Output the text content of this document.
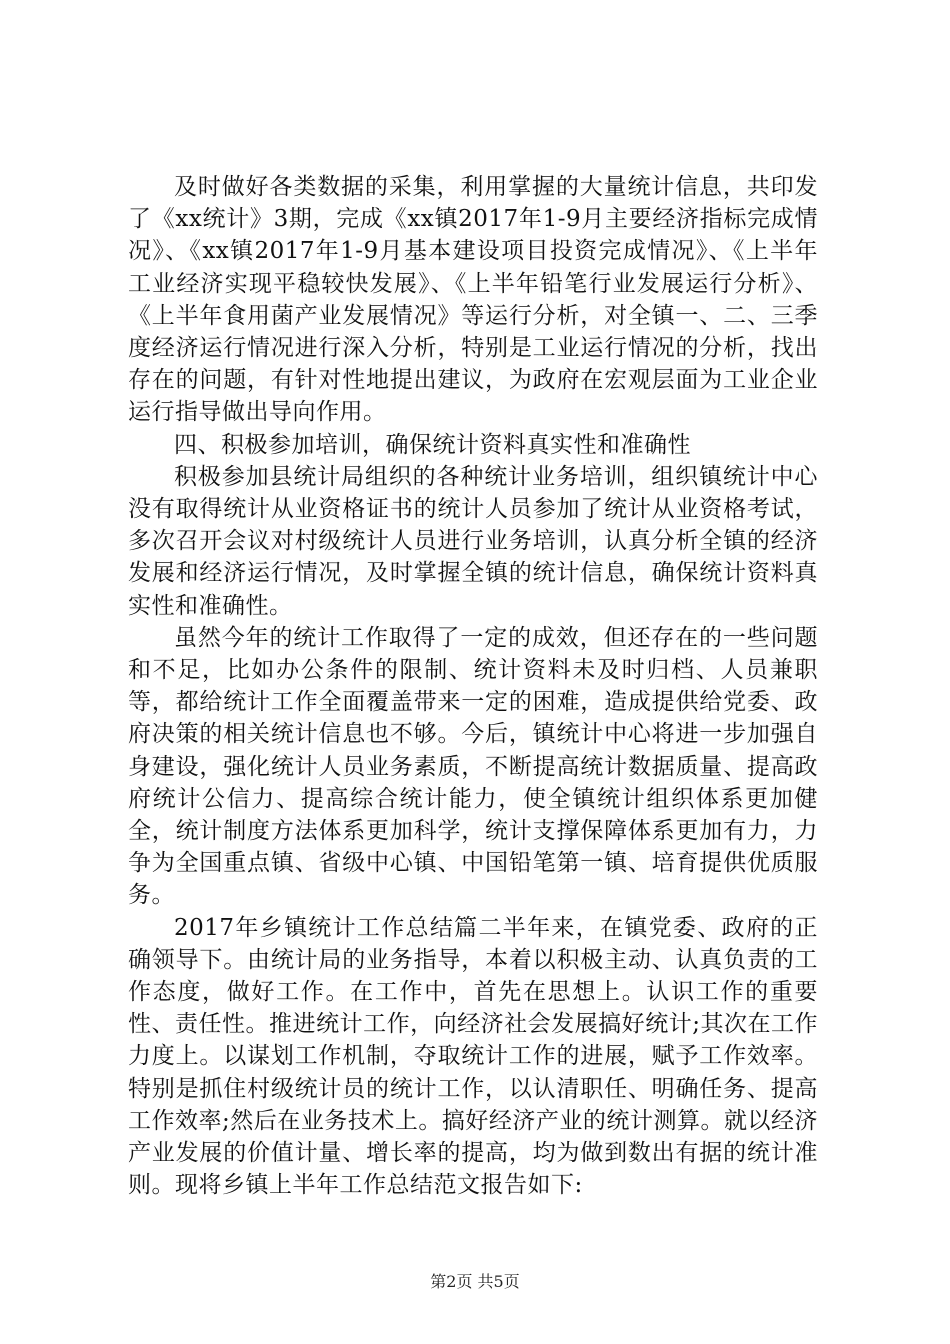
及时做好各类数据的采集，利用掌握的大量统计信息，共印发了《xx统计》3期，完成《xx镇2017年1-9月主要经济指标完成情况》、《xx镇2017年1-9月基本建设项目投资完成情况》、《上半年工业经济实现平稳较快发展》、《上半年铅笔行业发展运行分析》、《上半年食用菌产业发展情况》等运行分析，对全镇一、二、三季度经济运行情况进行深入分析，特别是工业运行情况的分析，找出存在的问题，有针对性地提出建议，为政府在宏观层面为工业企业运行指导做出导向作用。

四、积极参加培训，确保统计资料真实性和准确性

积极参加县统计局组织的各种统计业务培训，组织镇统计中心没有取得统计从业资格证书的统计人员参加了统计从业资格考试，多次召开会议对村级统计人员进行业务培训，认真分析全镇的经济发展和经济运行情况，及时掌握全镇的统计信息，确保统计资料真实性和准确性。

虽然今年的统计工作取得了一定的成效，但还存在的一些问题和不足，比如办公条件的限制、统计资料未及时归档、人员兼职等，都给统计工作全面覆盖带来一定的困难，造成提供给党委、政府决策的相关统计信息也不够。今后，镇统计中心将进一步加强自身建设，强化统计人员业务素质，不断提高统计数据质量、提高政府统计公信力、提高综合统计能力，使全镇统计组织体系更加健全，统计制度方法体系更加科学，统计支撑保障体系更加有力，力争为全国重点镇、省级中心镇、中国铅笔第一镇、培育提供优质服务。

2017年乡镇统计工作总结篇二半年来，在镇党委、政府的正确领导下。由统计局的业务指导，本着以积极主动、认真负责的工作态度，做好工作。在工作中，首先在思想上。认识工作的重要性、责任性。推进统计工作，向经济社会发展搞好统计;其次在工作力度上。以谋划工作机制，夺取统计工作的进展，赋予工作效率。特别是抓住村级统计员的统计工作，以认清职任、明确任务、提高工作效率;然后在业务技术上。搞好经济产业的统计测算。就以经济产业发展的价值计量、增长率的提高，均为做到数出有据的统计准则。现将乡镇上半年工作总结范文报告如下:

第2页 共5页
